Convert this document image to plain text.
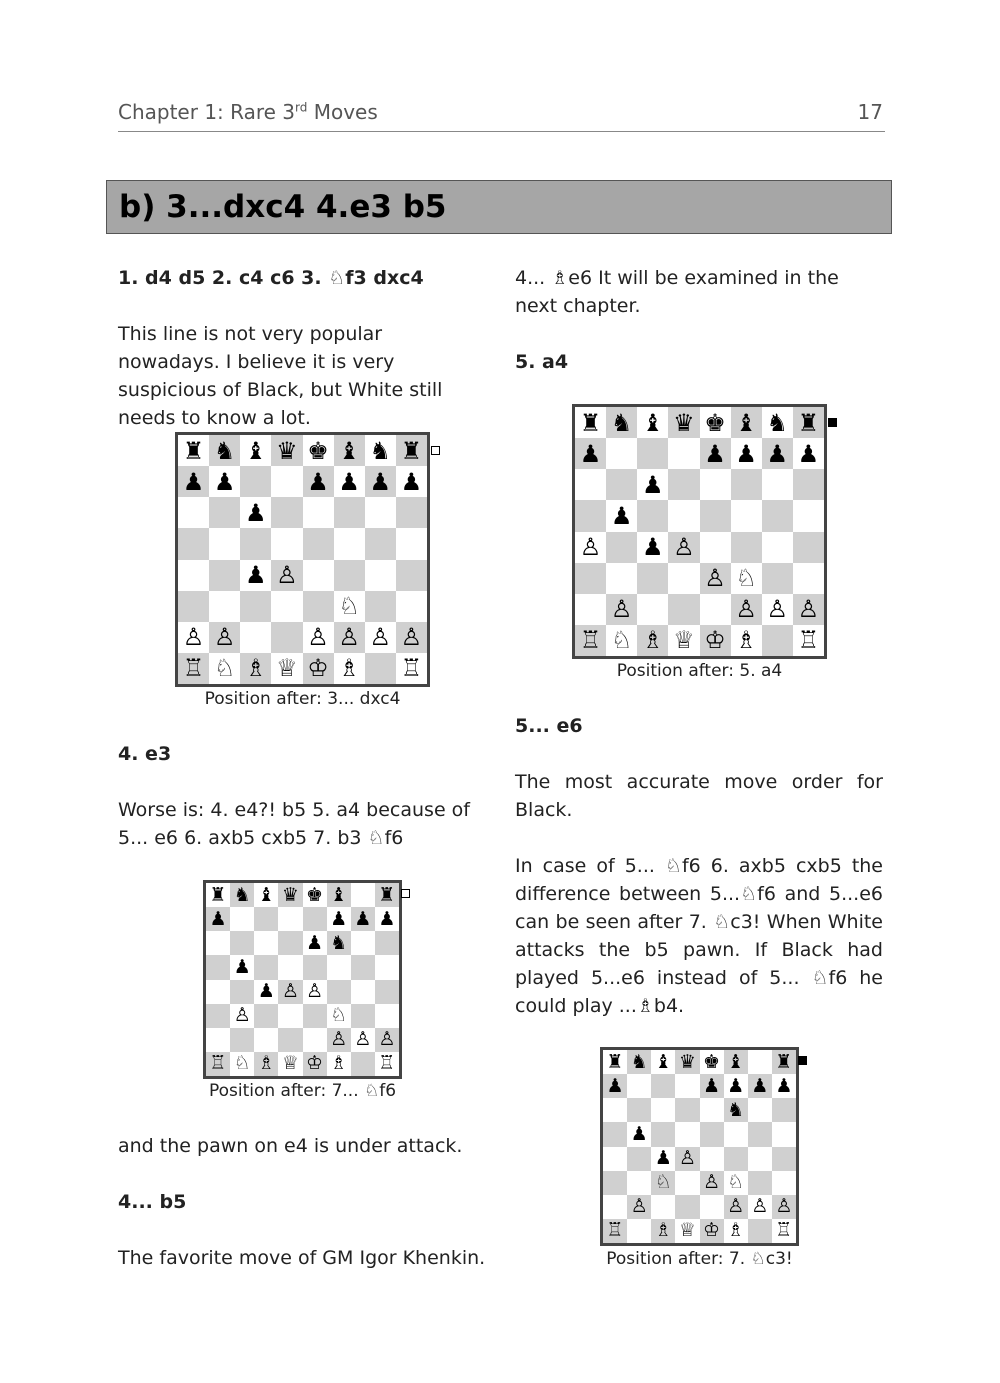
Chapter 1: Rare 3rd Moves	17
b) 3...dxc4 4.e3 b5
1. d4 d5 2. c4 c6 3. ♘f3 dxc4
This line is not very popular nowadays. I believe it is very suspicious of Black, but White still needs to know a lot.
4. e3
Worse is: 4. e4?! b5 5. a4 because of 5... e6 6. axb5 cxb5 7. b3 ♘f6
and the pawn on e4 is under attack.
4... b5
The favorite move of GM Igor Khenkin.
4... ♗e6 It will be examined in the next chapter.
5. a4
5... e6
The most accurate move order for Black.
In case of 5... ♘f6 6. axb5 cxb5 the difference between 5...♘f6 and 5...e6 can be seen after 7. ♘c3! When White attacks the b5 pawn. If Black had played 5...e6 instead of 5... ♘f6 he could play ...♗b4.
♜ ♞ ♝ ♛ ♚ ♝ ♞ ♜
♟ ♟	♟ ♟ ♟ ♟
♟
♟ ♙
♘
♙ ♙	♙ ♙ ♙ ♙
♖ ♘ ♗ ♕ ♔ ♗ ♖
Position after: 3... dxc4
♜ ♞ ♝ ♛ ♚ ♝ ♜
♟	♟ ♟ ♟
♟ ♞
♟
♟ ♙ ♙
♙	♘
♙ ♙ ♙
♖ ♘ ♗ ♕ ♔ ♗ ♖
Position after: 7... ♘f6
♜ ♞ ♝ ♛ ♚ ♝ ♞ ♜
♟	♟ ♟ ♟ ♟
♟
♟
♙ ♟ ♙
♙ ♘
♙	♙ ♙ ♙
♖ ♘ ♗ ♕ ♔ ♗ ♖
Position after: 5. a4
♜ ♞ ♝ ♛ ♚ ♝ ♜
♟	♟ ♟ ♟ ♟
♞
♟
♟ ♙
♘ ♙ ♘
♙	♙ ♙ ♙
♖ ♗ ♕ ♔ ♗ ♖
Position after: 7. ♘c3!
